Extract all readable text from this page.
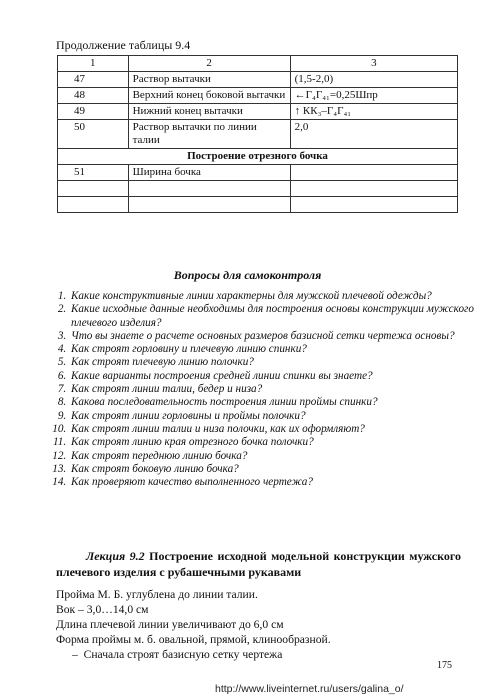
Продолжение таблицы 9.4
1	2	3
47	Раствор вытачки	(1,5-2,0)
48	Верхний конец боковой вытачки	←Г₄Г₄₁=0,25Шпр
49	Нижний конец вытачки	↑ КК₃–Г₄Г₄₁
50	Раствор вытачки по линии талии	2,0
Построение отрезного бочка		
51	Ширина бочка	

Вопросы для самоконтроля
1. Какие конструктивные линии характерны для мужской плечевой одежды?
2. Какие исходные данные необходимы для построения основы конструкции мужского плечевого изделия?
3. Что вы знаете о расчете основных размеров базисной сетки чертежа основы?
4. Как строят горловину и плечевую линию спинки?
5. Как строят плечевую линию полочки?
6. Какие варианты построения средней линии спинки вы знаете?
7. Как строят линии талии, бедер и низа?
8. Какова последовательность построения линии проймы спинки?
9. Как строят линии горловины и проймы полочки?
10. Как строят линии талии и низа полочки, как их оформляют?
11. Как строят линию края отрезного бочка полочки?
12. Как строят переднюю линию бочка?
13. Как строят боковую линию бочка?
14. Как проверяют качество выполненного чертежа?
Лекция 9.2 Построение исходной модельной конструкции мужского плечевого изделия с рубашечными рукавами
Пройма М. Б. углублена до линии талии.
Вок – 3,0…14,0 см
Длина плечевой линии увеличивают до 6,0 см
Форма проймы м. б. овальной, прямой, клинообразной.
–  Сначала строят базисную сетку чертежа
175
http://www.liveinternet.ru/users/galina_o/
